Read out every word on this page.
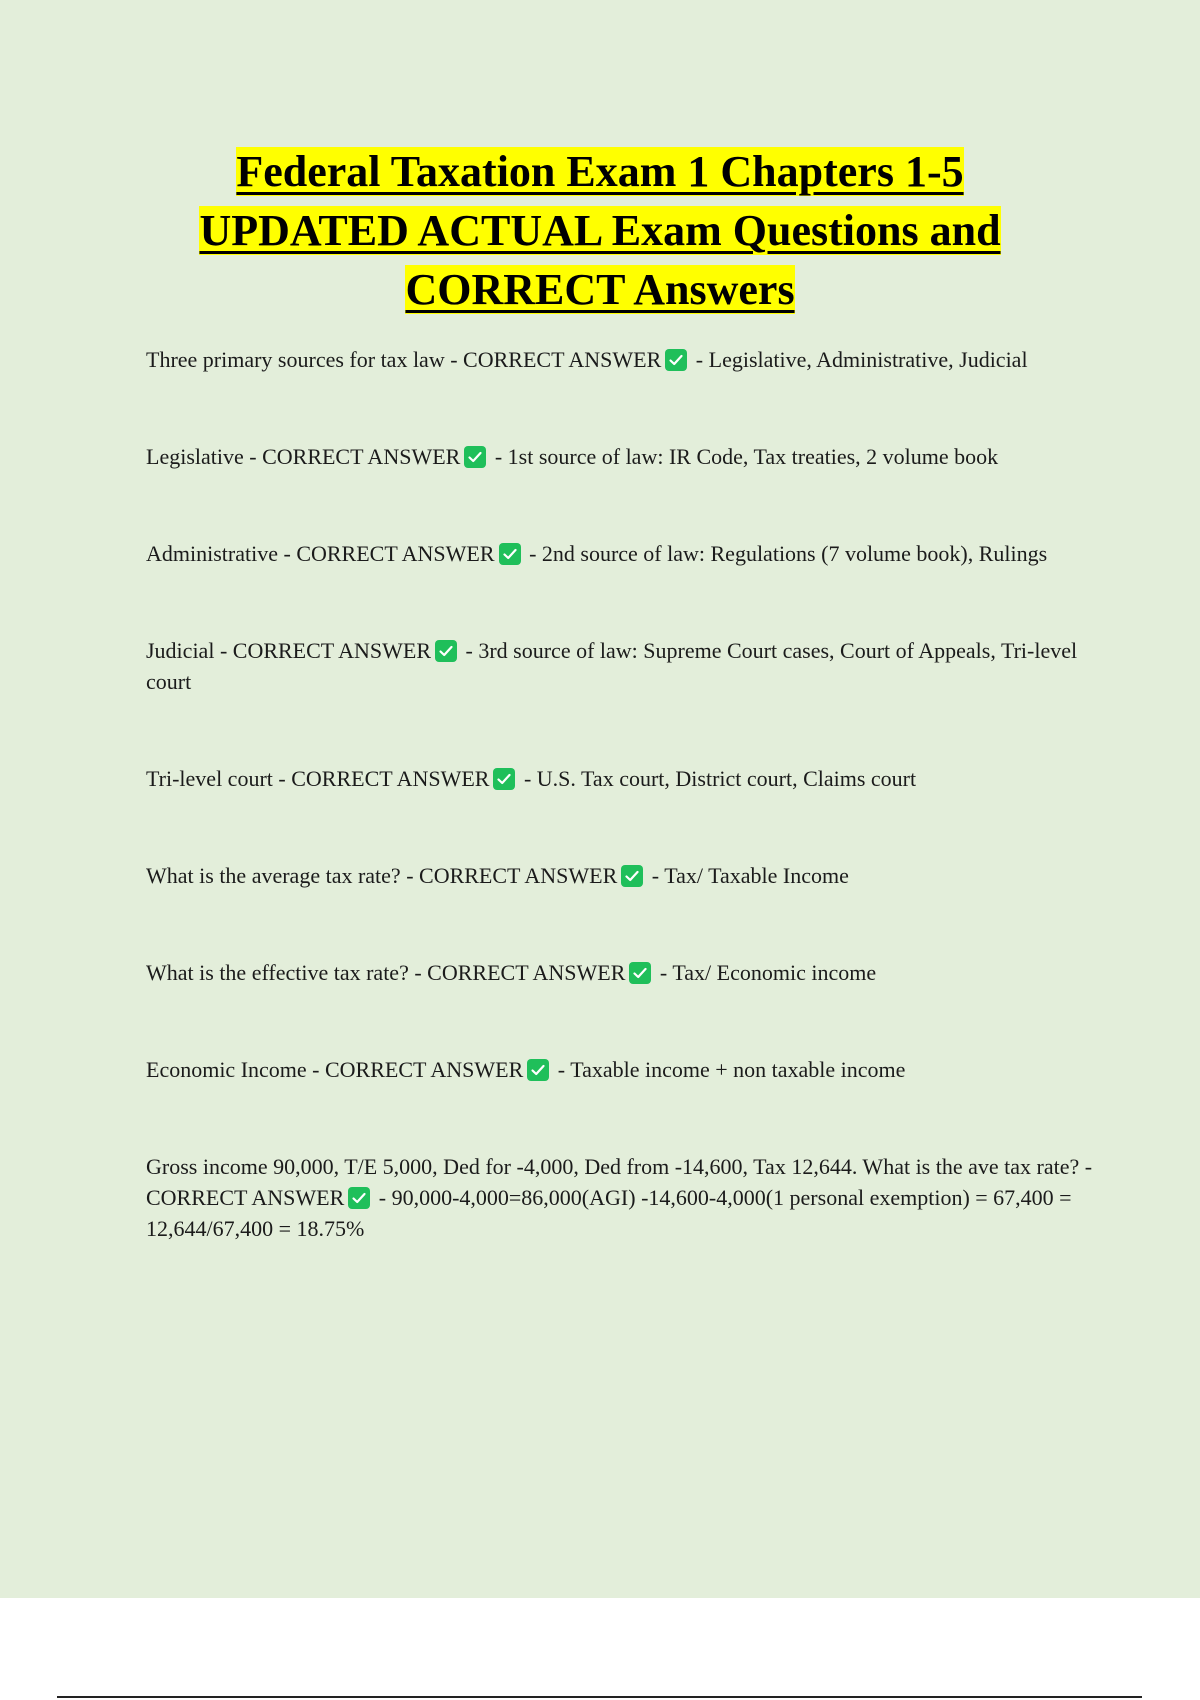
Federal Taxation Exam 1 Chapters 1-5
UPDATED ACTUAL Exam Questions and
CORRECT Answers

Three primary sources for tax law - CORRECT ANSWER
- Legislative, Administrative, Judicial

Legislative - CORRECT ANSWER
- 1st source of law: IR Code, Tax treaties, 2 volume book

Administrative - CORRECT ANSWER
- 2nd source of law: Regulations (7 volume book), Rulings

Judicial - CORRECT ANSWER
- 3rd source of law: Supreme Court cases, Court of Appeals, Tri-level court

Tri-level court - CORRECT ANSWER
- U.S. Tax court, District court, Claims court

What is the average tax rate? - CORRECT ANSWER
- Tax/ Taxable Income

What is the effective tax rate? - CORRECT ANSWER
- Tax/ Economic income

Economic Income - CORRECT ANSWER
- Taxable income + non taxable income

Gross income 90,000, T/E 5,000, Ded for -4,000, Ded from -14,600, Tax 12,644. What is the ave tax rate? - CORRECT ANSWER
- 90,000-4,000=86,000(AGI) -14,600-4,000(1 personal exemption) = 67,400 = 12,644/67,400 = 18.75%
